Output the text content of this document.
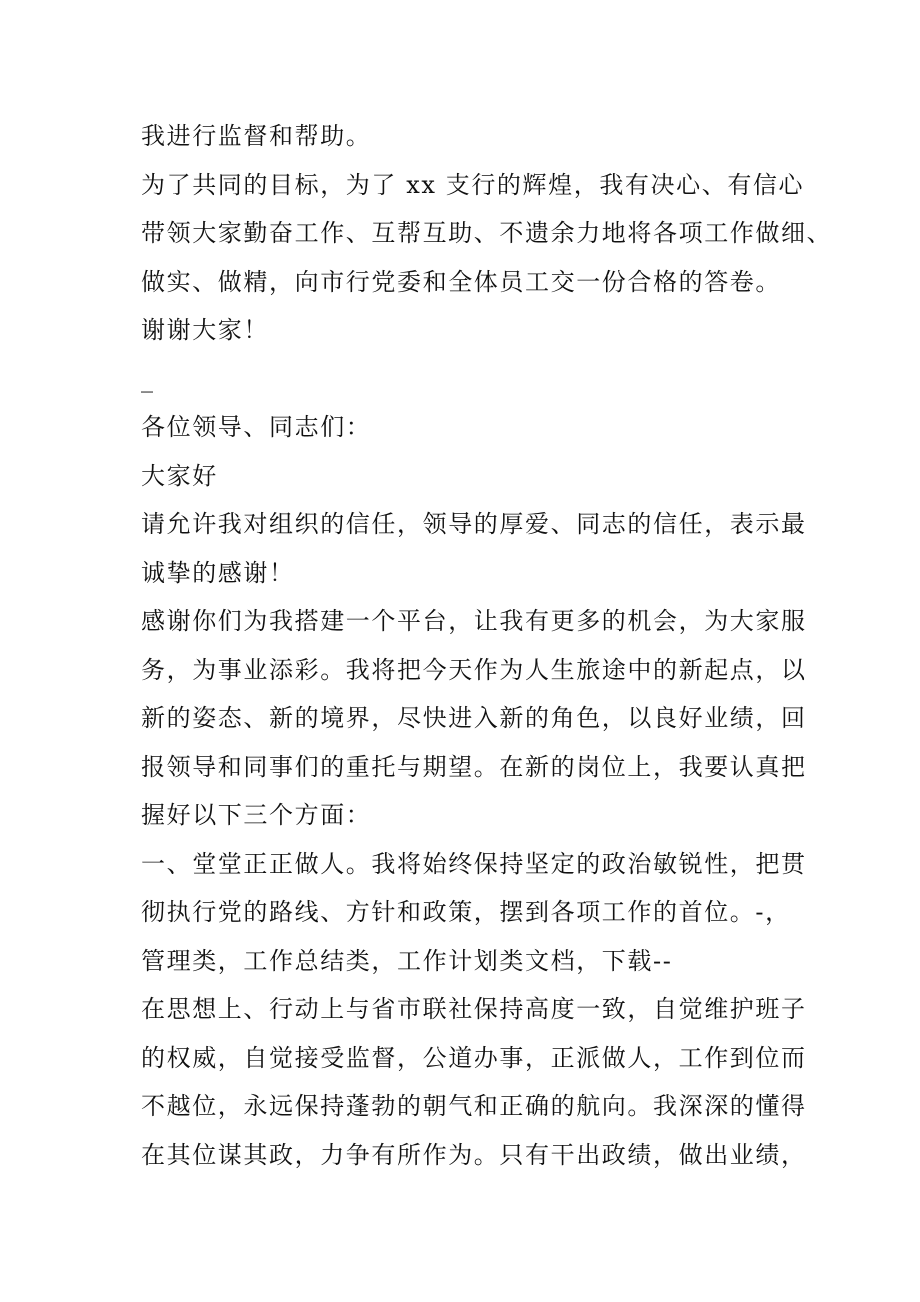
我进行监督和帮助。
为了共同的目标，为了 xx 支行的辉煌，我有决心、有信心
带领大家勤奋工作、互帮互助、不遗余力地将各项工作做细、
做实、做精，向市行党委和全体员工交一份合格的答卷。
谢谢大家！
_
各位领导、同志们：
大家好
请允许我对组织的信任，领导的厚爱、同志的信任，表示最
诚挚的感谢！
感谢你们为我搭建一个平台，让我有更多的机会，为大家服
务，为事业添彩。我将把今天作为人生旅途中的新起点，以
新的姿态、新的境界，尽快进入新的角色，以良好业绩，回
报领导和同事们的重托与期望。在新的岗位上，我要认真把
握好以下三个方面：
一、堂堂正正做人。我将始终保持坚定的政治敏锐性，把贯
彻执行党的路线、方针和政策，摆到各项工作的首位。-，
管理类，工作总结类，工作计划类文档，下载--
在思想上、行动上与省市联社保持高度一致，自觉维护班子
的权威，自觉接受监督，公道办事，正派做人，工作到位而
不越位，永远保持蓬勃的朝气和正确的航向。我深深的懂得
在其位谋其政，力争有所作为。只有干出政绩，做出业绩，
